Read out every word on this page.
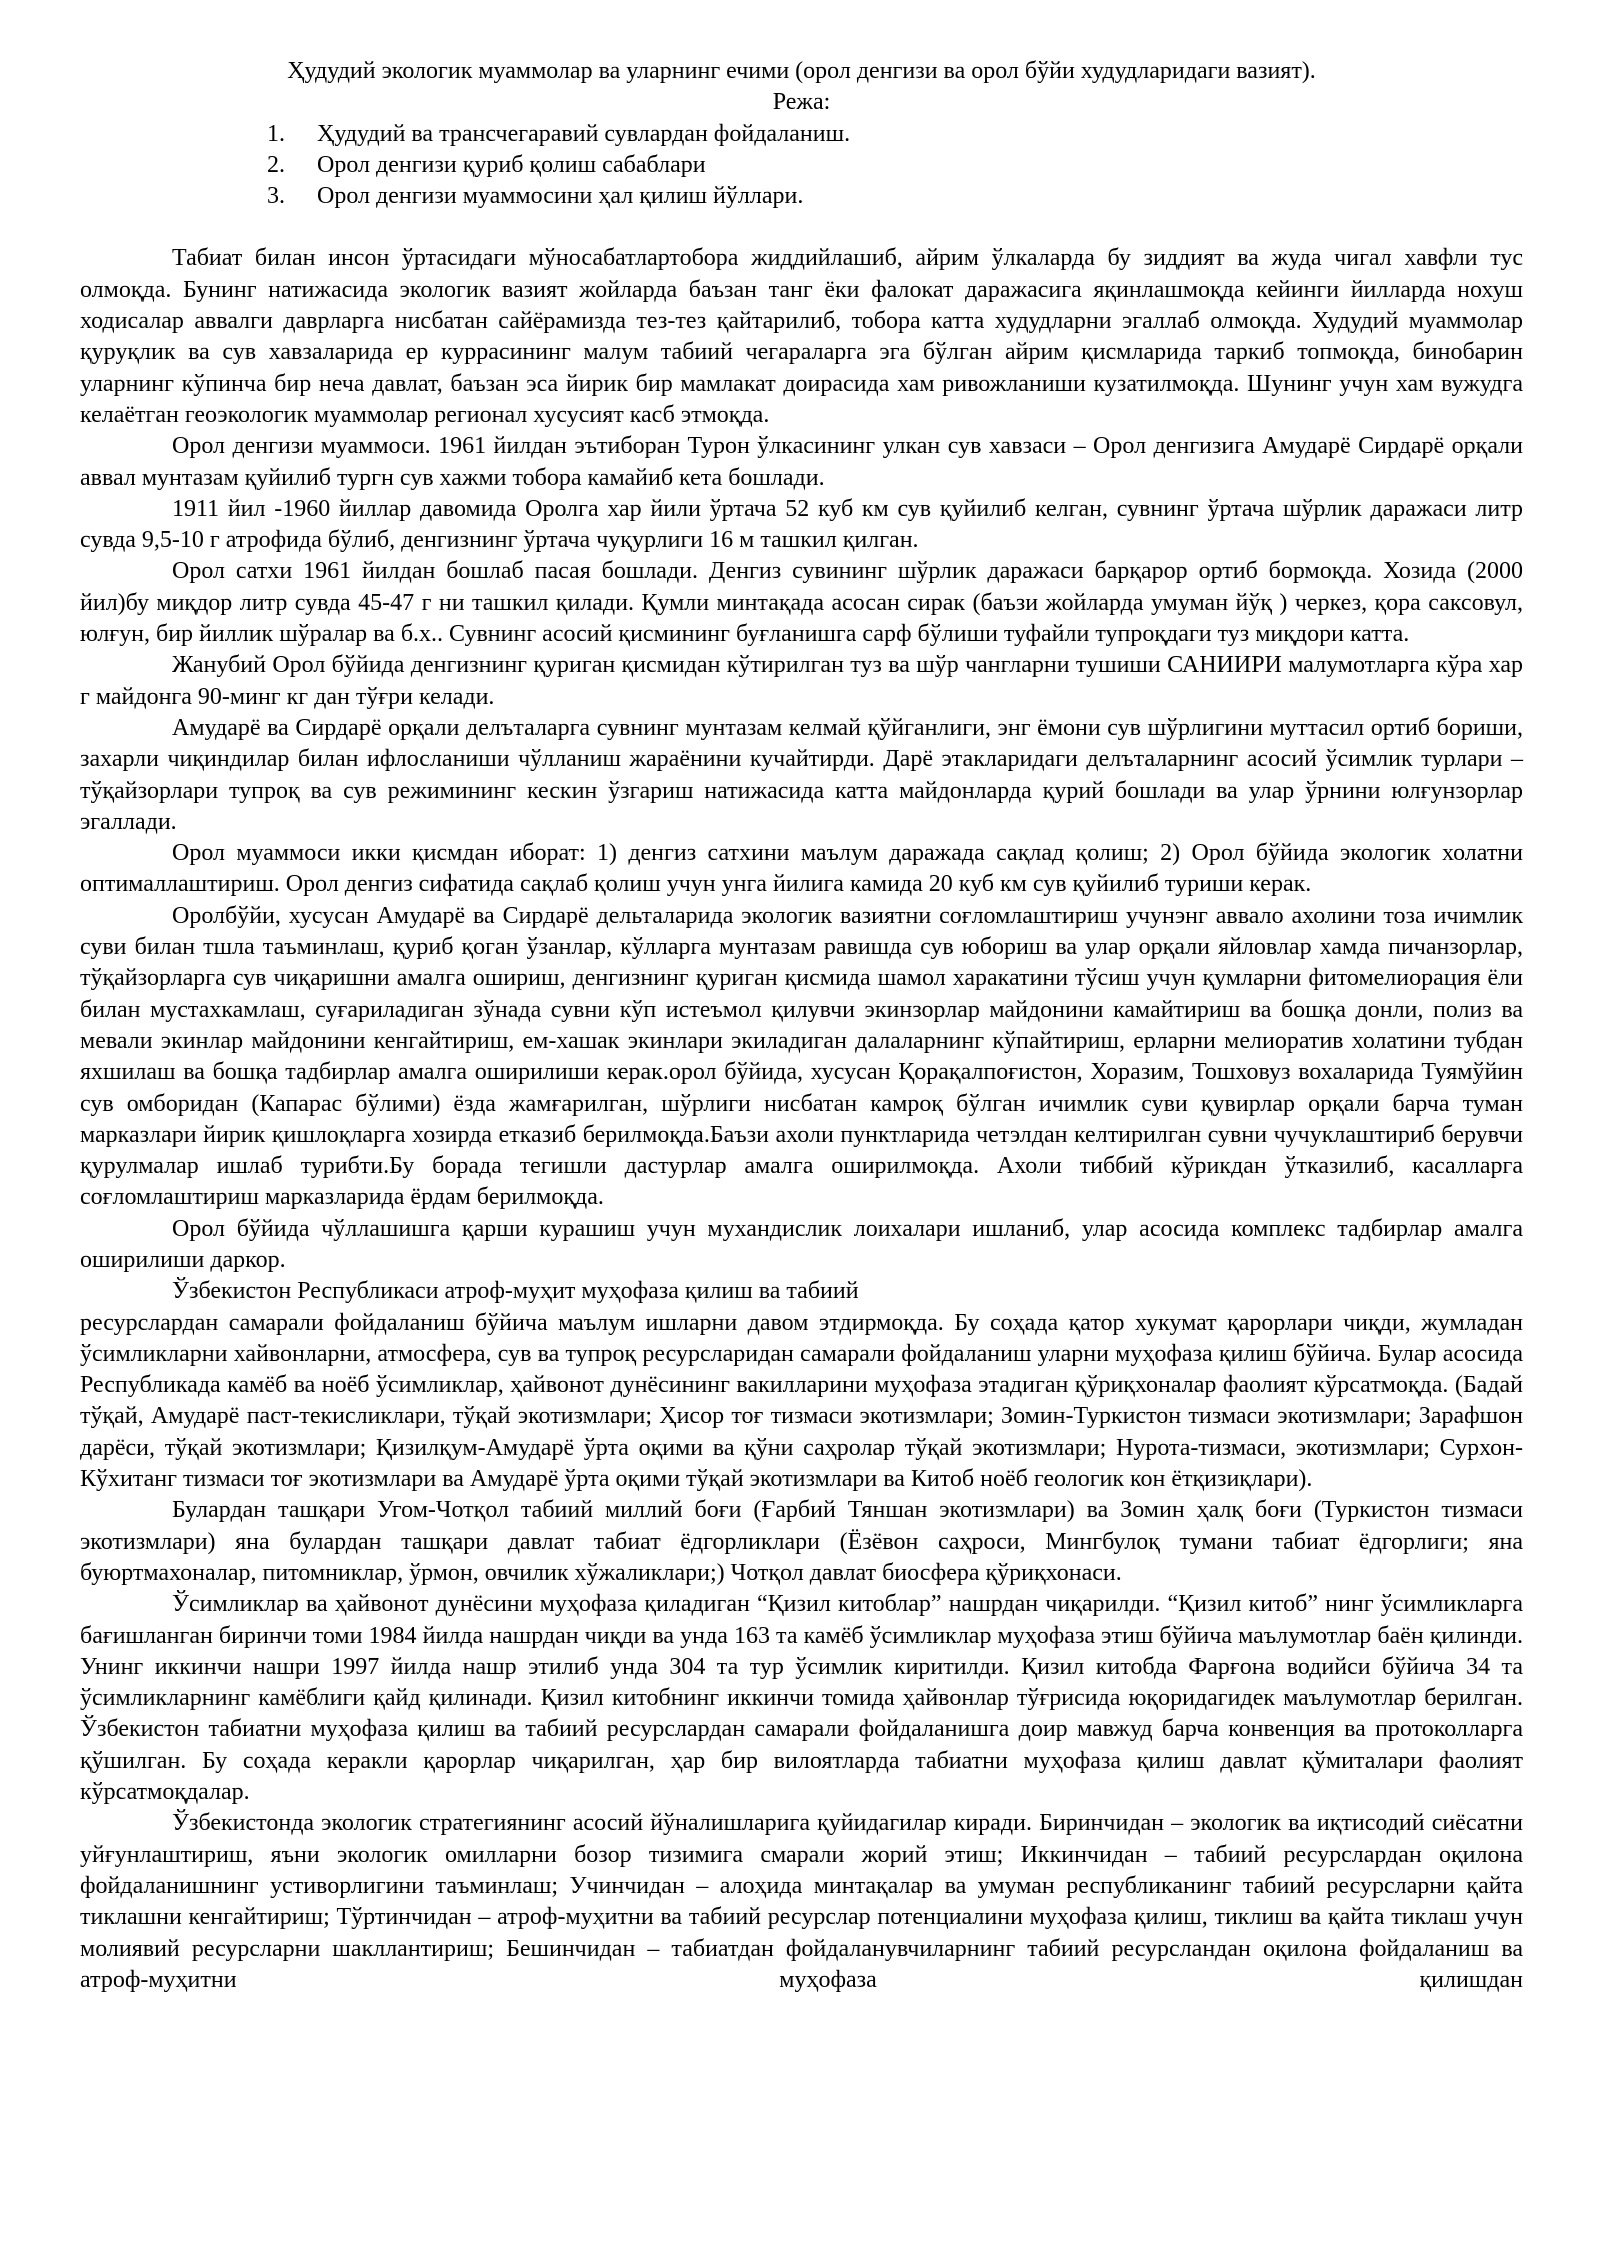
Ҳудудий экологик муаммолар ва уларнинг ечими (орол денгизи ва орол бўйи худудларидаги вазият).

Режа:

1. Ҳудудий ва трансчегаравий сувлардан фойдаланиш.
2. Орол денгизи қуриб қолиш сабаблари
3. Орол денгизи муаммосини ҳал қилиш йўллари.

Табиат билан инсон ўртасидаги мўносабатлартобора жиддийлашиб, айрим ўлкаларда бу зиддият ва жуда чигал хавфли тус олмоқда. Бунинг натижасида экологик вазият жойларда баъзан танг ёки фалокат даражасига яқинлашмоқда кейинги йилларда нохуш ходисалар аввалги даврларга нисбатан сайёрамизда тез-тез қайтарилиб, тобора катта худудларни эгаллаб олмоқда. Худудий муаммолар қуруқлик ва сув хавзаларида ер куррасининг малум табиий чегараларга эга бўлган айрим қисмларида таркиб топмоқда, бинобарин уларнинг кўпинча бир неча давлат, баъзан эса йирик бир мамлакат доирасида хам ривожланиши кузатилмоқда. Шунинг учун хам вужудга келаётган геоэкологик муаммолар регионал хусусият касб этмоқда.

Орол денгизи муаммоси. 1961 йилдан эътиборан Турон ўлкасининг улкан сув хавзаси – Орол денгизига Амударё Сирдарё орқали аввал мунтазам қуйилиб тургн сув хажми тобора камайиб кета бошлади.

1911 йил -1960 йиллар давомида Оролга хар йили ўртача 52 куб км сув қуйилиб келган, сувнинг ўртача шўрлик даражаси литр сувда 9,5-10 г атрофида бўлиб, денгизнинг ўртача чуқурлиги 16 м ташкил қилган.

Орол сатхи 1961 йилдан бошлаб пасая бошлади. Денгиз сувининг шўрлик даражаси барқарор ортиб бормоқда. Хозида (2000 йил)бу миқдор литр сувда 45-47 г ни ташкил қилади. Қумли минтақада асосан сирак (баъзи жойларда умуман йўқ ) черкез, қора саксовул, юлғун, бир йиллик шўралар ва б.х.. Сувнинг асосий қисмининг буғланишга сарф бўлиши туфайли тупроқдаги туз миқдори катта.

Жанубий Орол бўйида денгизнинг қуриган қисмидан кўтирилган туз ва шўр чангларни тушиши САНИИРИ малумотларга кўра хар г майдонга 90-минг кг дан тўғри келади.

Амударё ва Сирдарё орқали делъталарга сувнинг мунтазам келмай қўйганлиги, энг ёмони сув шўрлигини муттасил ортиб бориши, захарли чиқиндилар билан ифлосланиши чўлланиш жараёнини кучайтирди. Дарё этакларидаги делъталарнинг асосий ўсимлик турлари – тўқайзорлари тупроқ ва сув режимининг кескин ўзгариш натижасида катта майдонларда қурий бошлади ва улар ўрнини юлғунзорлар эгаллади.

Орол муаммоси икки қисмдан иборат: 1) денгиз сатхини маълум даражада сақлад қолиш; 2) Орол бўйида экологик холатни оптималлаштириш. Орол денгиз сифатида сақлаб қолиш учун унга йилига камида 20 куб км сув қуйилиб туриши керак.

Оролбўйи, хусусан Амударё ва Сирдарё дельталарида экологик вазиятни соғломлаштириш учунэнг аввало ахолини тоза ичимлик суви билан тшла таъминлаш, қуриб қоган ўзанлар, кўлларга мунтазам равишда сув юбориш ва улар орқали яйловлар хамда пичанзорлар, тўқайзорларга сув чиқаришни амалга ошириш, денгизнинг қуриган қисмида шамол харакатини тўсиш учун қумларни фитомелиорация ёли билан мустахкамлаш, суғариладиган зўнада сувни кўп истеъмол қилувчи экинзорлар майдонини камайтириш ва бошқа донли, полиз ва мевали экинлар майдонини кенгайтириш, ем-хашак экинлари экиладиган далаларнинг кўпайтириш, ерларни мелиоратив холатини тубдан яхшилаш ва бошқа тадбирлар амалга оширилиши керак.орол бўйида, хусусан Қорақалпоғистон, Хоразим, Тошховуз вохаларида Туямўйин сув омборидан (Капарас бўлими) ёзда жамғарилган, шўрлиги нисбатан камроқ бўлган ичимлик суви қувирлар орқали барча туман марказлари йирик қишлоқларга хозирда етказиб берилмоқда.Баъзи ахоли пунктларида четэлдан келтирилган сувни чучуклаштириб берувчи қурулмалар ишлаб турибти.Бу борада тегишли дастурлар амалга оширилмоқда. Ахоли тиббий кўрикдан ўтказилиб, касалларга соғломлаштириш марказларида ёрдам берилмоқда.

Орол бўйида чўллашишга қарши курашиш учун мухандислик лоихалари ишланиб, улар асосида комплекс тадбирлар амалга оширилиши даркор.

Ўзбекистон Республикаси атроф-муҳит муҳофаза қилиш ва табиий

ресурслардан самарали фойдаланиш бўйича маълум ишларни давом этдирмоқда. Бу соҳада қатор хукумат қарорлари чиқди, жумладан ўсимликларни хайвонларни, атмосфера, сув ва тупроқ ресурсларидан самарали фойдаланиш уларни муҳофаза қилиш бўйича. Булар асосида Республикада камёб ва ноёб ўсимликлар, ҳайвонот дунёсининг вакилларини муҳофаза этадиган қўриқхоналар фаолият кўрсатмоқда. (Бадай тўқай, Амударё паст-текисликлари, тўқай экотизмлари; Ҳисор тоғ тизмаси экотизмлари; Зомин-Туркистон тизмаси экотизмлари; Зарафшон дарёси, тўқай экотизмлари; Қизилқум-Амударё ўрта оқими ва қўни саҳролар тўқай экотизмлари; Нурота-тизмаси, экотизмлари; Сурхон-Кўхитанг тизмаси тоғ экотизмлари ва Амударё ўрта оқими тўқай экотизмлари ва Китоб ноёб геологик кон ётқизиқлари).

Булардан ташқари Угом-Чотқол табиий миллий боғи (Ғарбий Тяншан экотизмлари) ва Зомин ҳалқ боғи (Туркистон тизмаси экотизмлари) яна булардан ташқари давлат табиат ёдгорликлари (Ёзёвон саҳроси, Мингбулоқ тумани табиат ёдгорлиги; яна буюртмахоналар, питомниклар, ўрмон, овчилик хўжаликлари;) Чотқол давлат биосфера қўриқхонаси.

Ўсимликлар ва ҳайвонот дунёсини муҳофаза қиладиган “Қизил китоблар” нашрдан чиқарилди. “Қизил китоб” нинг ўсимликларга бағишланган биринчи томи 1984 йилда нашрдан чиқди ва унда 163 та камёб ўсимликлар муҳофаза этиш бўйича маълумотлар баён қилинди. Унинг иккинчи нашри 1997 йилда нашр этилиб унда 304 та тур ўсимлик киритилди. Қизил китобда Фарғона водийси бўйича 34 та ўсимликларнинг камёблиги қайд қилинади. Қизил китобнинг иккинчи томида ҳайвонлар тўғрисида юқоридагидек маълумотлар берилган. Ўзбекистон табиатни муҳофаза қилиш ва табиий ресурслардан самарали фойдаланишга доир мавжуд барча конвенция ва протоколларга қўшилган. Бу соҳада керакли қарорлар чиқарилган, ҳар бир вилоятларда табиатни муҳофаза қилиш давлат қўмиталари фаолият кўрсатмоқдалар.

Ўзбекистонда экологик стратегиянинг асосий йўналишларига қуйидагилар киради. Биринчидан – экологик ва иқтисодий сиёсатни уйғунлаштириш, яъни экологик омилларни бозор тизимига смарали жорий этиш; Иккинчидан – табиий ресурслардан оқилона фойдаланишнинг устиворлигини таъминлаш; Учинчидан – алоҳида минтақалар ва умуман республиканинг табиий ресурсларни қайта тиклашни кенгайтириш; Тўртинчидан – атроф-муҳитни ва табиий ресурслар потенциалини муҳофаза қилиш, тиклиш ва қайта тиклаш учун молиявий ресурсларни шакллантириш; Бешинчидан – табиатдан фойдаланувчиларнинг табиий ресурсландан оқилона фойдаланиш ва атроф-муҳитни муҳофаза қилишдан
